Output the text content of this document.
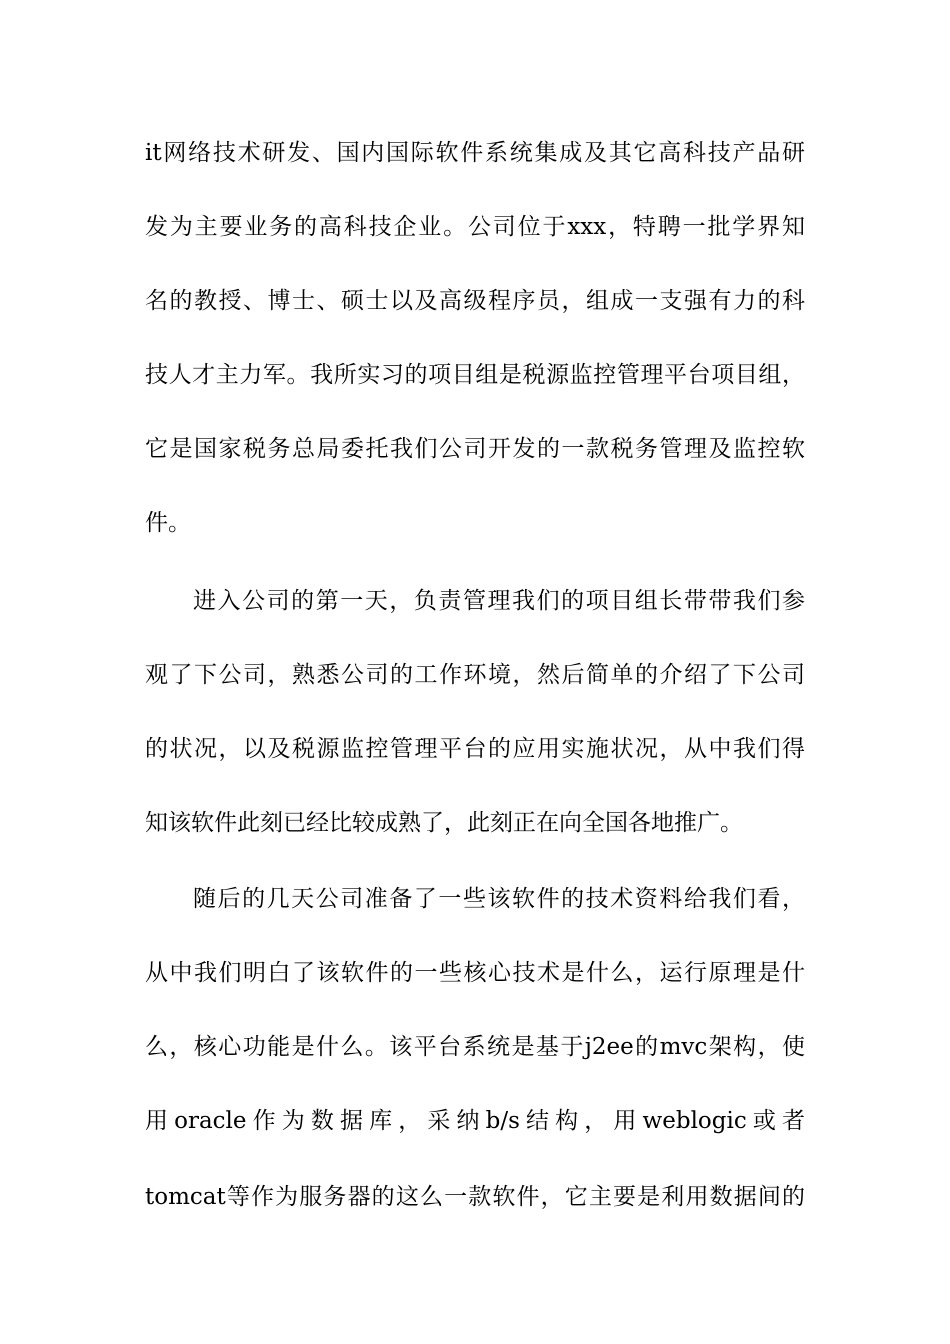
it网络技术研发、国内国际软件系统集成及其它高科技产品研
发为主要业务的高科技企业。公司位于xxx，特聘一批学界知
名的教授、博士、硕士以及高级程序员，组成一支强有力的科
技人才主力军。我所实习的项目组是税源监控管理平台项目组，
它是国家税务总局委托我们公司开发的一款税务管理及监控软
件。
进入公司的第一天，负责管理我们的项目组长带带我们参
观了下公司，熟悉公司的工作环境，然后简单的介绍了下公司
的状况，以及税源监控管理平台的应用实施状况，从中我们得
知该软件此刻已经比较成熟了，此刻正在向全国各地推广。
随后的几天公司准备了一些该软件的技术资料给我们看，
从中我们明白了该软件的一些核心技术是什么，运行原理是什
么，核心功能是什么。该平台系统是基于j2ee的mvc架构，使
用oracle作为数据库，采纳b/s结构，用weblogic或者
tomcat等作为服务器的这么一款软件，它主要是利用数据间的
